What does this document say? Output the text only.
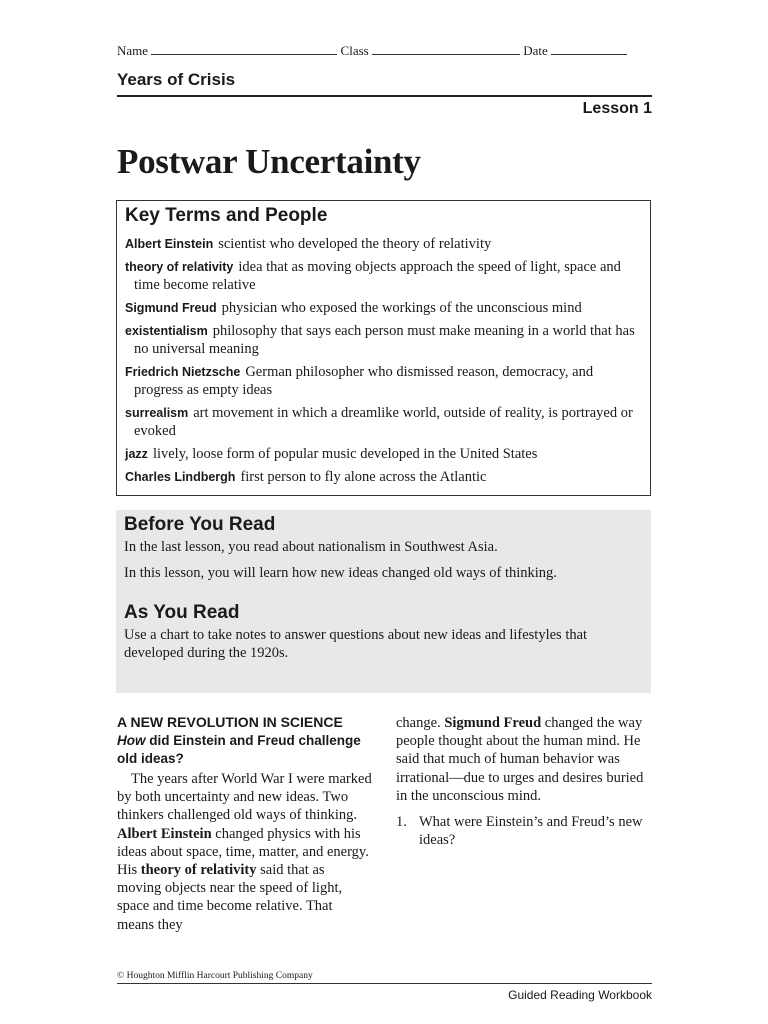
Name	Class	Date
Years of Crisis
Lesson 1
Postwar Uncertainty
Key Terms and People
Albert Einstein scientist who developed the theory of relativity
theory of relativity idea that as moving objects approach the speed of light, space and time become relative
Sigmund Freud physician who exposed the workings of the unconscious mind
existentialism philosophy that says each person must make meaning in a world that has no universal meaning
Friedrich Nietzsche German philosopher who dismissed reason, democracy, and progress as empty ideas
surrealism art movement in which a dreamlike world, outside of reality, is portrayed or evoked
jazz lively, loose form of popular music developed in the United States
Charles Lindbergh first person to fly alone across the Atlantic
Before You Read

In the last lesson, you read about nationalism in Southwest Asia.

In this lesson, you will learn how new ideas changed old ways of thinking.

As You Read

Use a chart to take notes to answer questions about new ideas and lifestyles that developed during the 1920s.

A NEW REVOLUTION IN SCIENCE
How did Einstein and Freud challenge old ideas?

The years after World War I were marked by both uncertainty and new ideas. Two thinkers challenged old ways of thinking. Albert Einstein changed physics with his ideas about space, time, matter, and energy. His theory of relativity said that as moving objects near the speed of light, space and time become relative. That means they

change. Sigmund Freud changed the way people thought about the human mind. He said that much of human behavior was irrational—due to urges and desires buried in the unconscious mind.

1. What were Einstein’s and Freud’s new ideas?
© Houghton Mifflin Harcourt Publishing Company
Guided Reading Workbook
